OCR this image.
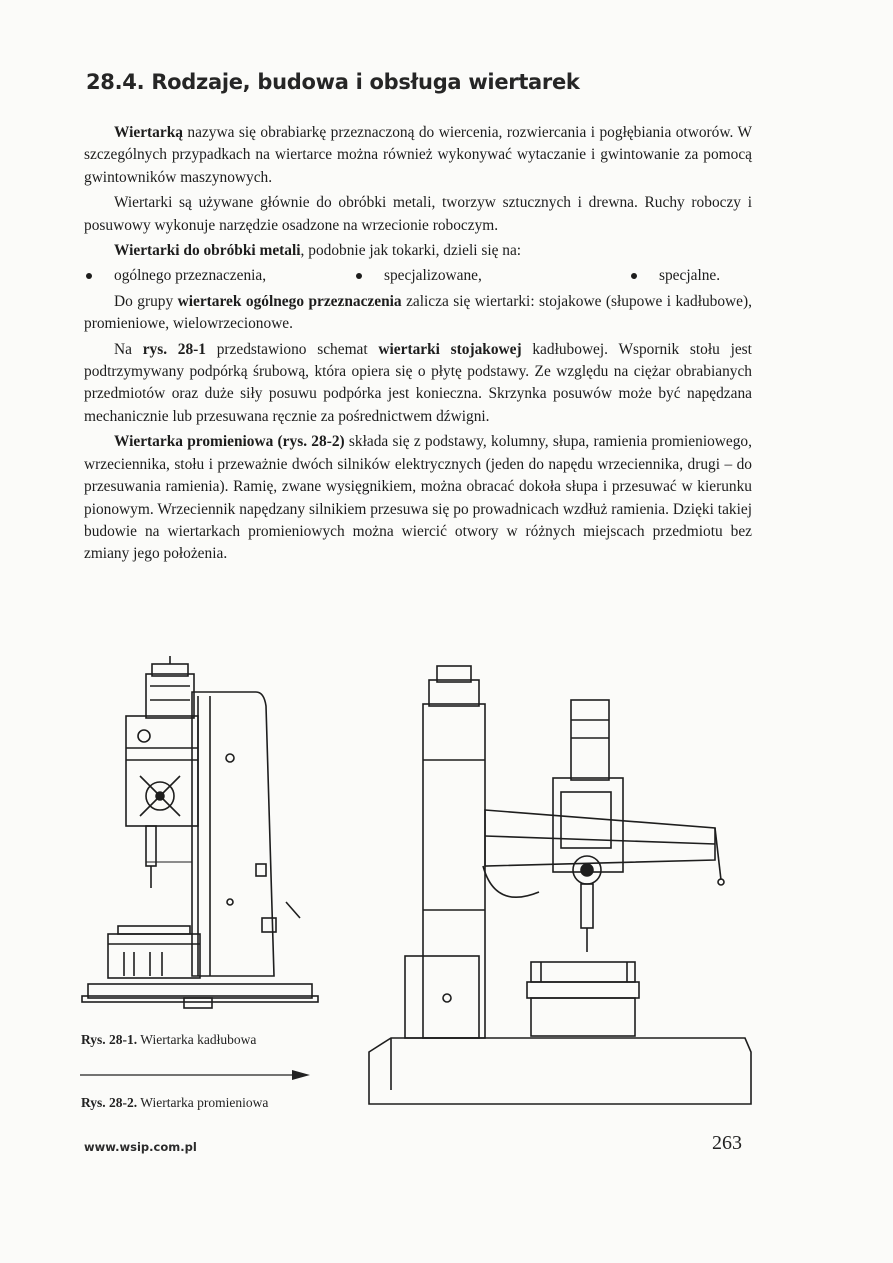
28.4. Rodzaje, budowa i obsługa wiertarek

Wiertarką nazywa się obrabiarkę przeznaczoną do wiercenia, rozwiercania i pogłębiania otworów. W szczególnych przypadkach na wiertarce można również wykonywać wytaczanie i gwintowanie za pomocą gwintowników maszynowych.

Wiertarki są używane głównie do obróbki metali, tworzyw sztucznych i drewna. Ruchy roboczy i posuwowy wykonuje narzędzie osadzone na wrzecionie roboczym.

Wiertarki do obróbki metali, podobnie jak tokarki, dzieli się na:

ogólnego przeznaczenia,	specjalizowane,	specjalne.

Do grupy wiertarek ogólnego przeznaczenia zalicza się wiertarki: stojakowe (słupowe i kadłubowe), promieniowe, wielowrzecionowe.

Na rys. 28-1 przedstawiono schemat wiertarki stojakowej kadłubowej. Wspornik stołu jest podtrzymywany podpórką śrubową, która opiera się o płytę podstawy. Ze względu na ciężar obrabianych przedmiotów oraz duże siły posuwu podpórka jest konieczna. Skrzynka posuwów może być napędzana mechanicznie lub przesuwana ręcznie za pośrednictwem dźwigni.

Wiertarka promieniowa (rys. 28-2) składa się z podstawy, kolumny, słupa, ramienia promieniowego, wrzeciennika, stołu i przeważnie dwóch silników elektrycznych (jeden do napędu wrzeciennika, drugi – do przesuwania ramienia). Ramię, zwane wysięgnikiem, można obracać dokoła słupa i przesuwać w kierunku pionowym. Wrzeciennik napędzany silnikiem przesuwa się po prowadnicach wzdłuż ramienia. Dzięki takiej budowie na wiertarkach promieniowych można wiercić otwory w różnych miejscach przedmiotu bez zmiany jego położenia.

Rys. 28-1. Wiertarka kadłubowa
Rys. 28-2. Wiertarka promieniowa
www.wsip.com.pl	263
